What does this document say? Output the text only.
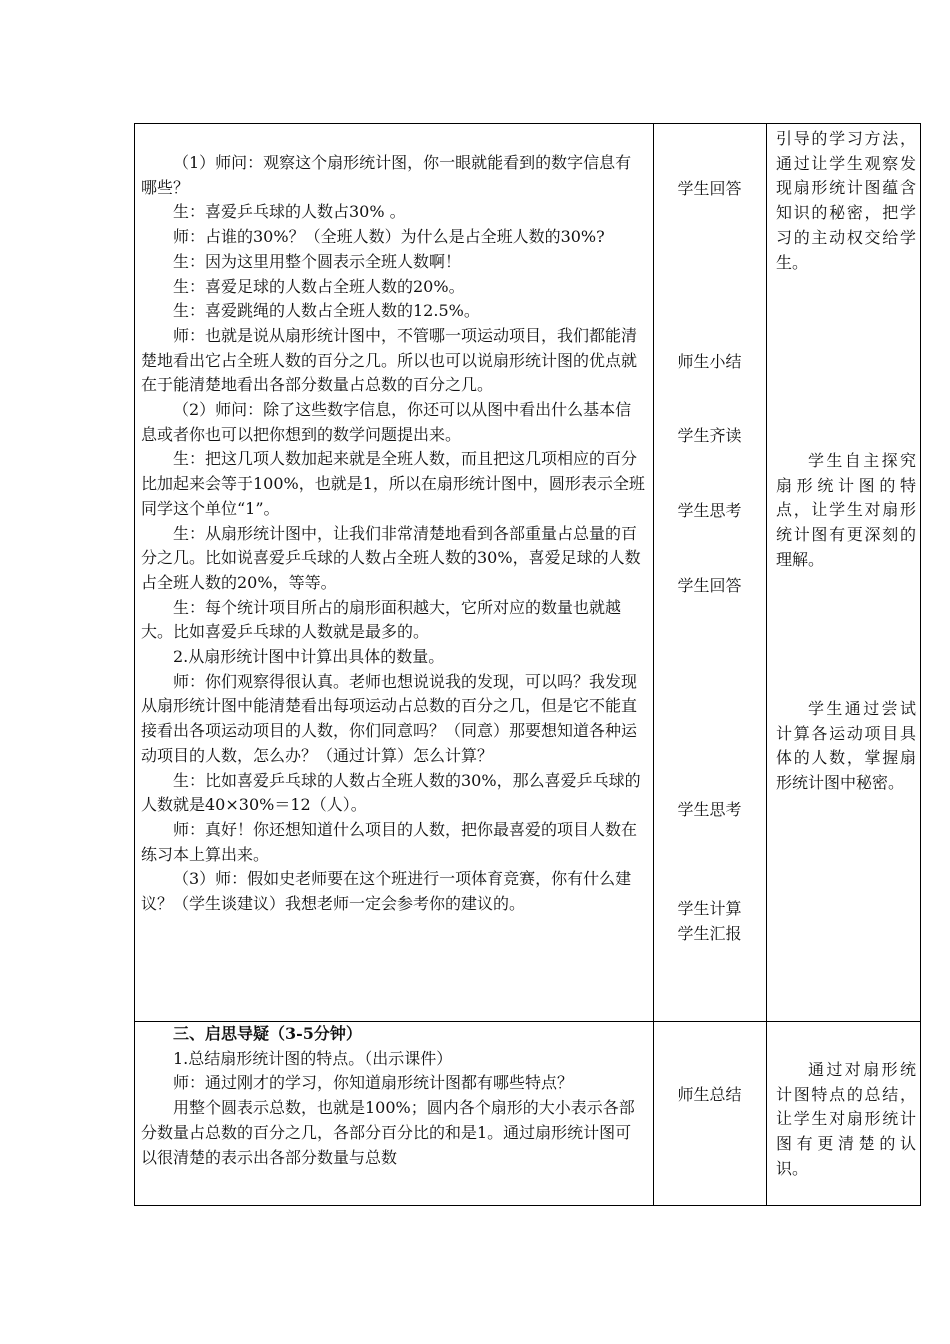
（1）师问：观察这个扇形统计图，你一眼就能看到的数字信息有哪些？

生：喜爱乒乓球的人数占30% 。

师：占谁的30%？（全班人数）为什么是占全班人数的30%?

生：因为这里用整个圆表示全班人数啊！

生：喜爱足球的人数占全班人数的20%。

生：喜爱跳绳的人数占全班人数的12.5%。

师：也就是说从扇形统计图中，不管哪一项运动项目，我们都能清楚地看出它占全班人数的百分之几。所以也可以说扇形统计图的优点就在于能清楚地看出各部分数量占总数的百分之几。

（2）师问：除了这些数字信息，你还可以从图中看出什么基本信息或者你也可以把你想到的数学问题提出来。

生：把这几项人数加起来就是全班人数，而且把这几项相应的百分比加起来会等于100%，也就是1，所以在扇形统计图中，圆形表示全班同学这个单位“1”。

生：从扇形统计图中，让我们非常清楚地看到各部重量占总量的百分之几。比如说喜爱乒乓球的人数占全班人数的30%，喜爱足球的人数占全班人数的20%，等等。

生：每个统计项目所占的扇形面积越大，它所对应的数量也就越大。比如喜爱乒乓球的人数就是最多的。

2.从扇形统计图中计算出具体的数量。

师：你们观察得很认真。老师也想说说我的发现，可以吗？我发现从扇形统计图中能清楚看出每项运动占总数的百分之几，但是它不能直接看出各项运动项目的人数，你们同意吗？（同意）那要想知道各种运动项目的人数，怎么办？（通过计算）怎么计算？

生：比如喜爱乒乓球的人数占全班人数的30%，那么喜爱乒乓球的人数就是40×30%＝12（人）。

师：真好！你还想知道什么项目的人数，把你最喜爱的项目人数在练习本上算出来。

（3）师：假如史老师要在这个班进行一项体育竞赛，你有什么建议？（学生谈建议）我想老师一定会参考你的建议的。

学生回答
师生小结
学生齐读
学生思考
学生回答
学生思考
学生计算
学生汇报
引导的学习方法，通过让学生观察发现扇形统计图蕴含知识的秘密，把学习的主动权交给学生。
学生自主探究扇形统计图的特点，让学生对扇形统计图有更深刻的理解。
学生通过尝试计算各运动项目具体的人数，掌握扇形统计图中秘密。

三、启思导疑（3-5分钟）

1.总结扇形统计图的特点。（出示课件）

师：通过刚才的学习，你知道扇形统计图都有哪些特点？

用整个圆表示总数，也就是100%；圆内各个扇形的大小表示各部分数量占总数的百分之几，各部分百分比的和是1。通过扇形统计图可以很清楚的表示出各部分数量与总数

师生总结
通过对扇形统计图特点的总结，让学生对扇形统计图有更清楚的认识。
